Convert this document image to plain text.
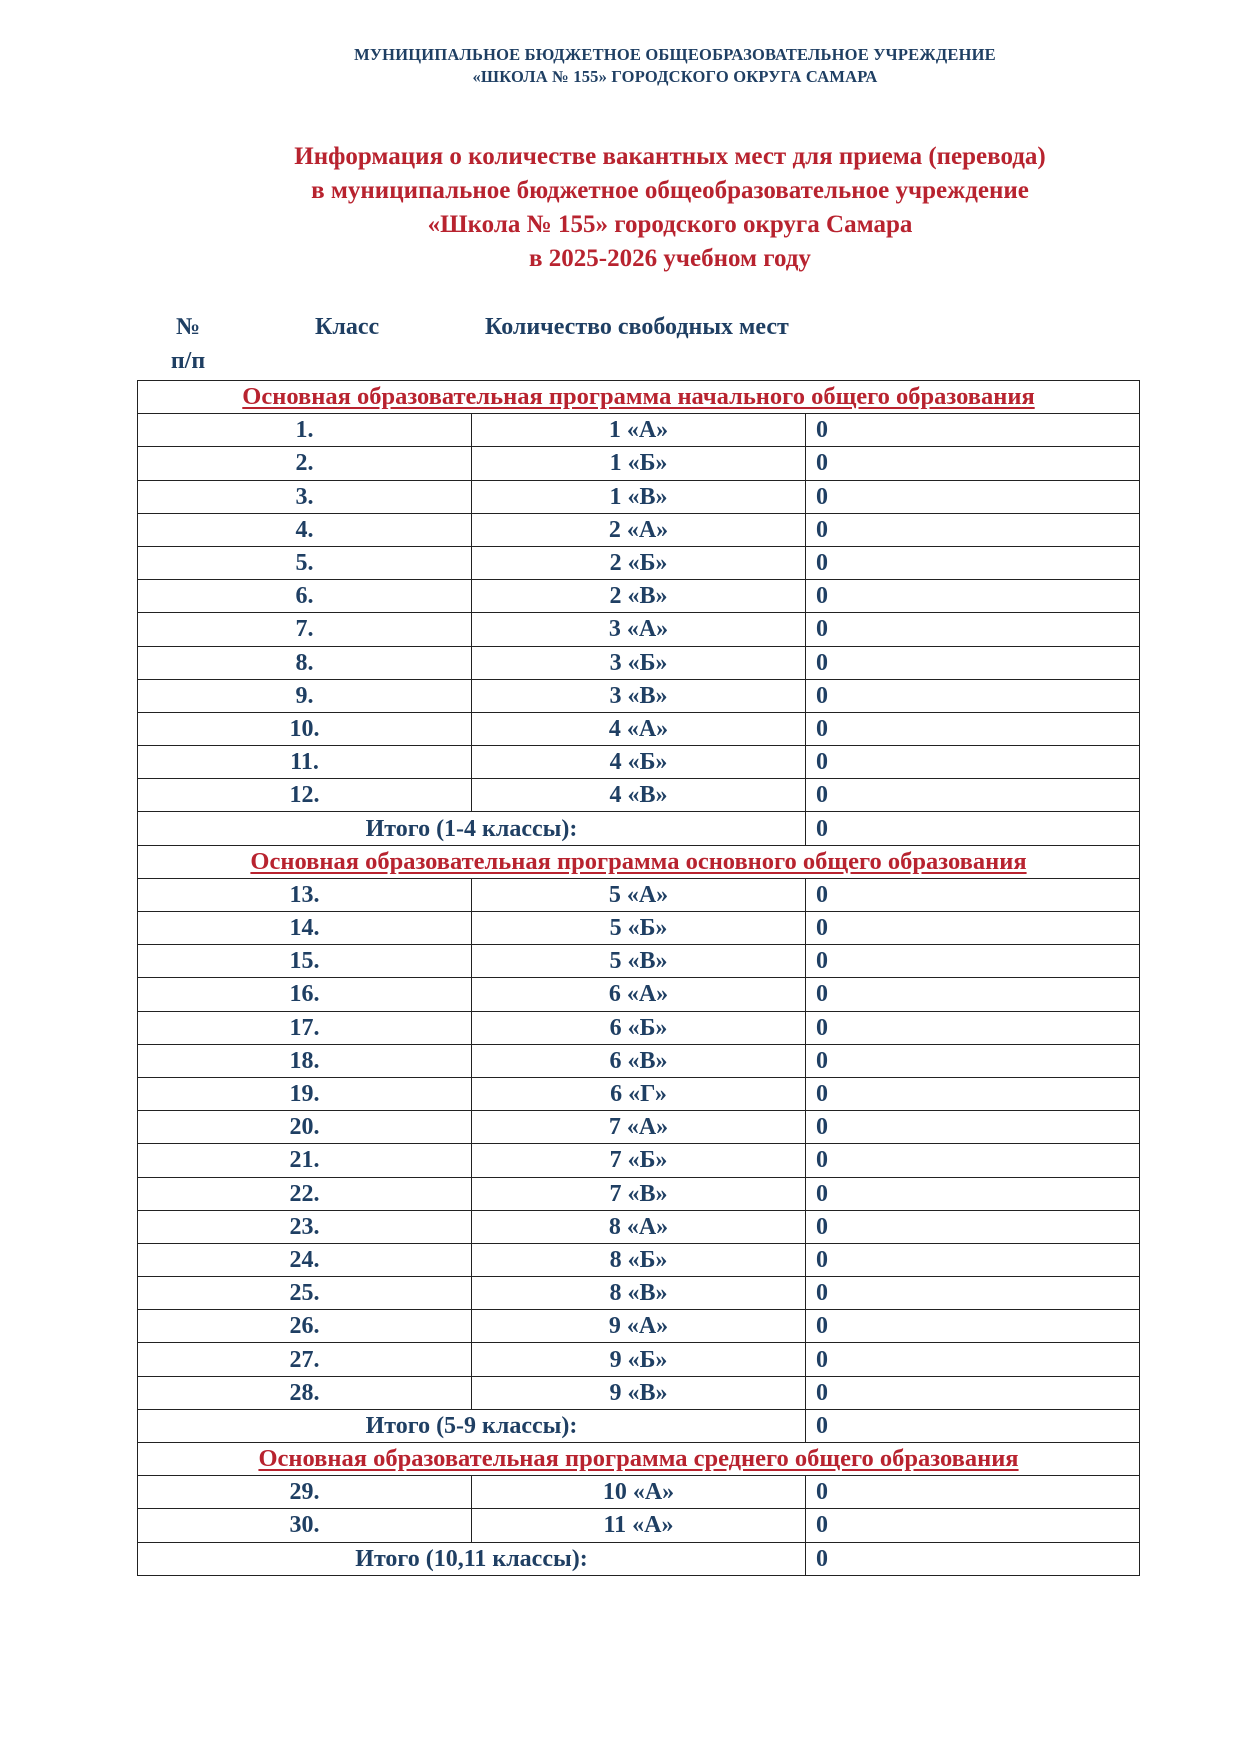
МУНИЦИПАЛЬНОЕ БЮДЖЕТНОЕ ОБЩЕОБРАЗОВАТЕЛЬНОЕ УЧРЕЖДЕНИЕ
«ШКОЛА № 155» ГОРОДСКОГО ОКРУГА САМАРА
Информация о количестве вакантных мест для приема (перевода)
в муниципальное бюджетное общеобразовательное учреждение
«Школа № 155» городского округа Самара
в 2025-2026 учебном году
№
п/п
Класс	Количество свободных мест
Основная образовательная программа начального общего образования		
1.	1 «А»	0
2.	1 «Б»	0
3.	1 «В»	0
4.	2 «А»	0
5.	2 «Б»	0
6.	2 «В»	0
7.	3 «А»	0
8.	3 «Б»	0
9.	3 «В»	0
10.	4 «А»	0
11.	4 «Б»	0
12.	4 «В»	0
Итого (1-4 классы):		0
Основная образовательная программа основного общего образования		
13.	5 «А»	0
14.	5 «Б»	0
15.	5 «В»	0
16.	6 «А»	0
17.	6 «Б»	0
18.	6 «В»	0
19.	6 «Г»	0
20.	7 «А»	0
21.	7 «Б»	0
22.	7 «В»	0
23.	8 «А»	0
24.	8 «Б»	0
25.	8 «В»	0
26.	9 «А»	0
27.	9 «Б»	0
28.	9 «В»	0
Итого (5-9 классы):		0
Основная образовательная программа среднего общего образования		
29.	10 «А»	0
30.	11 «А»	0
Итого (10,11 классы):		0
